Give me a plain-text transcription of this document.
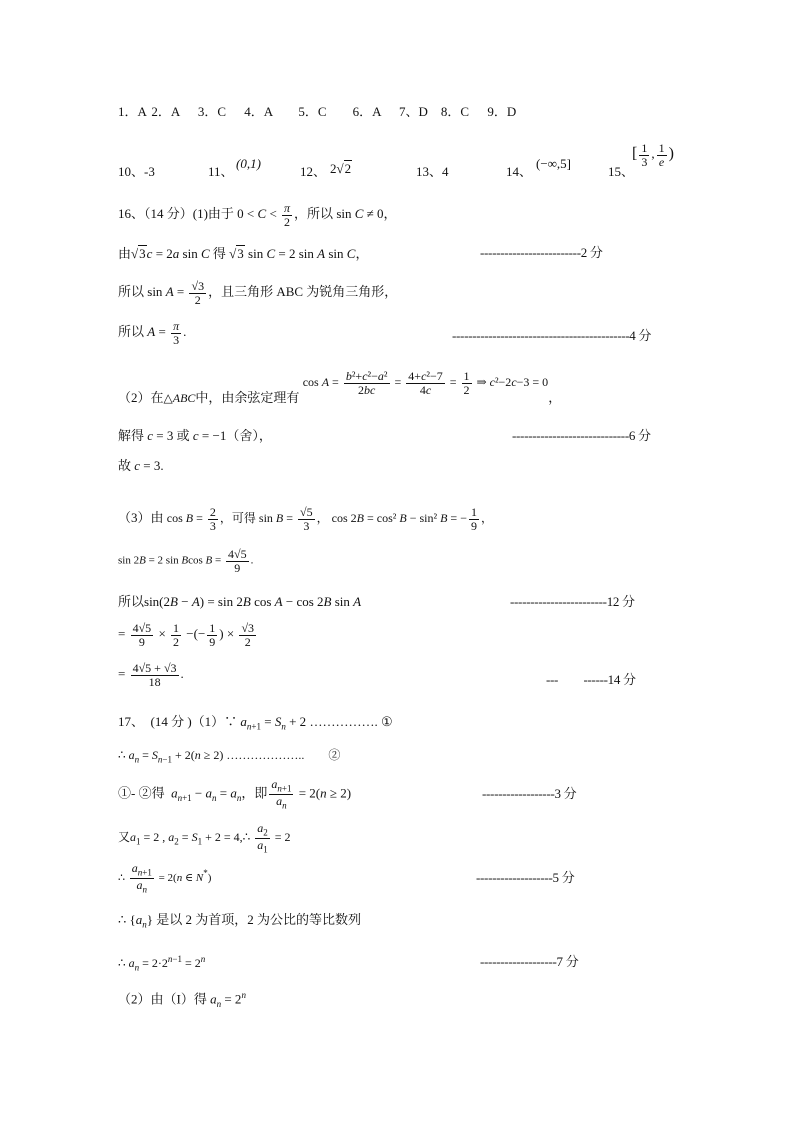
1．A 2．A　 3．C　 4．A　　5．C　　6．A　 7、D　8．C　 9．D
10、-3	11、
(0,1)
12、 2√2	13、4	14、
(−∞,5]
15、
[ $\frac{1}{3}$ , $\frac{1}{e}$ )
16、（14 分）(1)由于 $0 < C < \frac{\pi}{2}$ ，所以 sin C ≠ 0，
由√3c = 2a sin C 得 √3 sin C = 2 sin A sin C，	-------------------------2 分
所以 $\sin A = \frac{√3}{2}$ ，且三角形 ABC 为锐角三角形，
所以 $A = \frac{\pi}{3}$ .	--------------------------------------------4 分
（2）在△ABC中，由余弦定理有 $\cos A = \frac{\text{b²+c²−a²}}{2bc} = \frac{\text{4+c²−7}}{4c} = \frac{1}{2}$ ⇒ c²−2c−3 = 0，
解得 c = 3 或 c = −1（舍），	-----------------------------6 分
故 c = 3.
（3）由 $\cos B = \frac{2}{3}$ ，可得 $\sin B = \frac{√5}{3}$ ， cos 2B = cos² B − sin² B = − $\frac{1}{9}$ ，
sin 2B = 2 sin Bcos $B = \frac{4√5}{9}$ .
所以sin(2B − A) = sin 2B cos A − cos 2B sin A	------------------------12 分
= $\frac{4√5}{9} \times \frac{1}{2}$ −(− $\frac{1}{9}$ ) × $\frac{√3}{2}$
= $\frac{4√5 + √3}{18}$ .	---　　------14 分
17、　(14 分 )（1）∵ $a_{n+1} = S_n + 2$ ……………. ①
∴ $a_n = S_{n-1} + 2(n \ge 2)$ ………………..　　②
①- ②得 $a_{n+1} - a_n = a_n$，即 $\frac{a_{n+1}}{a_n} = 2(n \ge 2)$	------------------3 分
又$a_1 = 2$ , $a_2 = S_1 + 2$ = 4,∴ $\frac{a_2}{a_1} = 2$
∴ $\frac{a_{n+1}}{a_n} = 2(n$ ∈ N*)	-------------------5 分
∴ $\{a_n\}$ 是以 2 为首项，2 为公比的等比数列
∴ $a_n = 2\cdot 2^{n-1} = 2^n$	-------------------7 分
（2）由（I）得 $a_n = 2^n$
